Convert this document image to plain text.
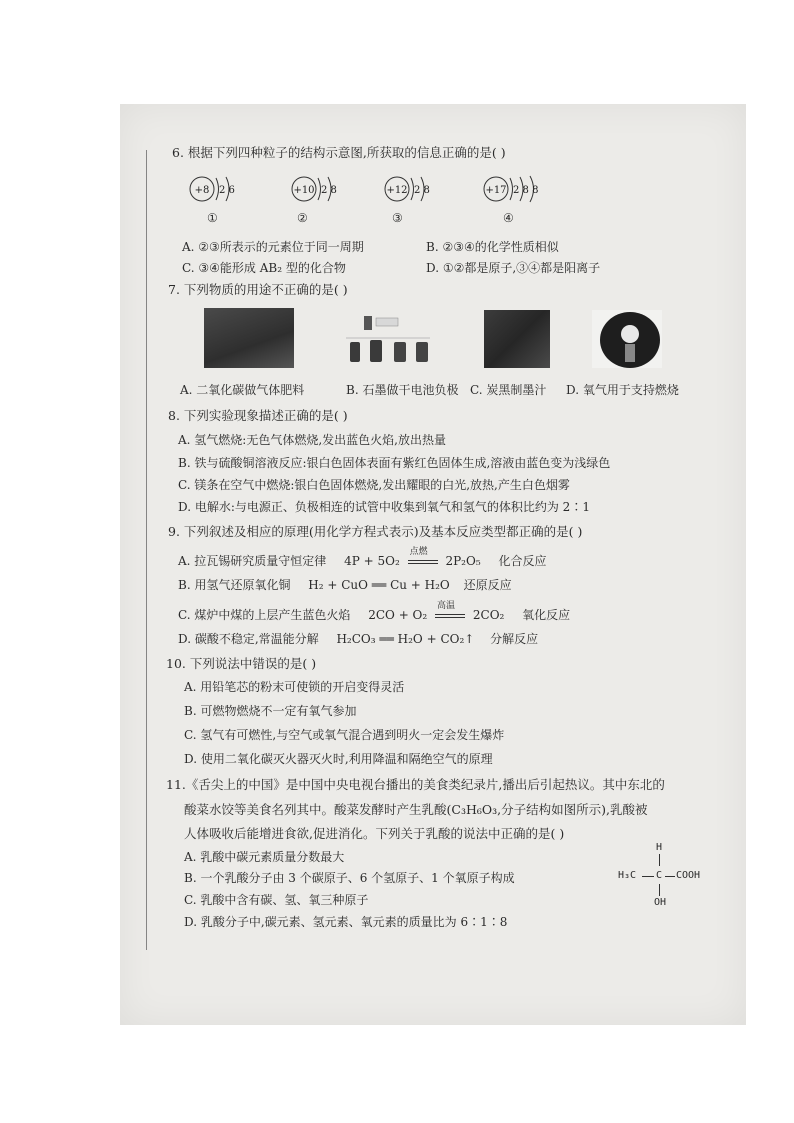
6. 根据下列四种粒子的结构示意图,所获取的信息正确的是( )
+8 2 6
①
+10 2 8
②
+12 2 8
③
+17 2 8 8
④
A. ②③所表示的元素位于同一周期	B. ②③④的化学性质相似
C. ③④能形成 AB₂ 型的化合物	D. ①②都是原子,③④都是阳离子
7. 下列物质的用途不正确的是( )
A. 二氧化碳做气体肥料	B. 石墨做干电池负极 C. 炭黑制墨汁 D. 氧气用于支持燃烧
8. 下列实验现象描述正确的是( )
A. 氢气燃烧:无色气体燃烧,发出蓝色火焰,放出热量
B. 铁与硫酸铜溶液反应:银白色固体表面有紫红色固体生成,溶液由蓝色变为浅绿色
C. 镁条在空气中燃烧:银白色固体燃烧,发出耀眼的白光,放热,产生白色烟雾
D. 电解水:与电源正、负极相连的试管中收集到氧气和氢气的体积比约为 2∶1
9. 下列叙述及相应的原理(用化学方程式表示)及基本反应类型都正确的是( )
A. 拉瓦锡研究质量守恒定律 4P + 5O₂
点燃
2P₂O₅ 化合反应
B. 用氢气还原氧化铜 H₂ + CuO ══ Cu + H₂O 还原反应
C. 煤炉中煤的上层产生蓝色火焰 2CO + O₂
高温
2CO₂ 氧化反应
D. 碳酸不稳定,常温能分解 H₂CO₃ ══ H₂O + CO₂↑ 分解反应
10. 下列说法中错误的是( )
A. 用铅笔芯的粉末可使锁的开启变得灵活
B. 可燃物燃烧不一定有氧气参加
C. 氢气有可燃性,与空气或氧气混合遇到明火一定会发生爆炸
D. 使用二氧化碳灭火器灭火时,利用降温和隔绝空气的原理
11.《舌尖上的中国》是中国中央电视台播出的美食类纪录片,播出后引起热议。其中东北的
酸菜水饺等美食名列其中。酸菜发酵时产生乳酸(C₃H₆O₃,分子结构如图所示),乳酸被
人体吸收后能增进食欲,促进消化。下列关于乳酸的说法中正确的是( )
A. 乳酸中碳元素质量分数最大
B. 一个乳酸分子由 3 个碳原子、6 个氢原子、1 个氧原子构成
C. 乳酸中含有碳、氢、氧三种原子
D. 乳酸分子中,碳元素、氢元素、氧元素的质量比为 6∶1∶8
H
H₃C C COOH
OH
